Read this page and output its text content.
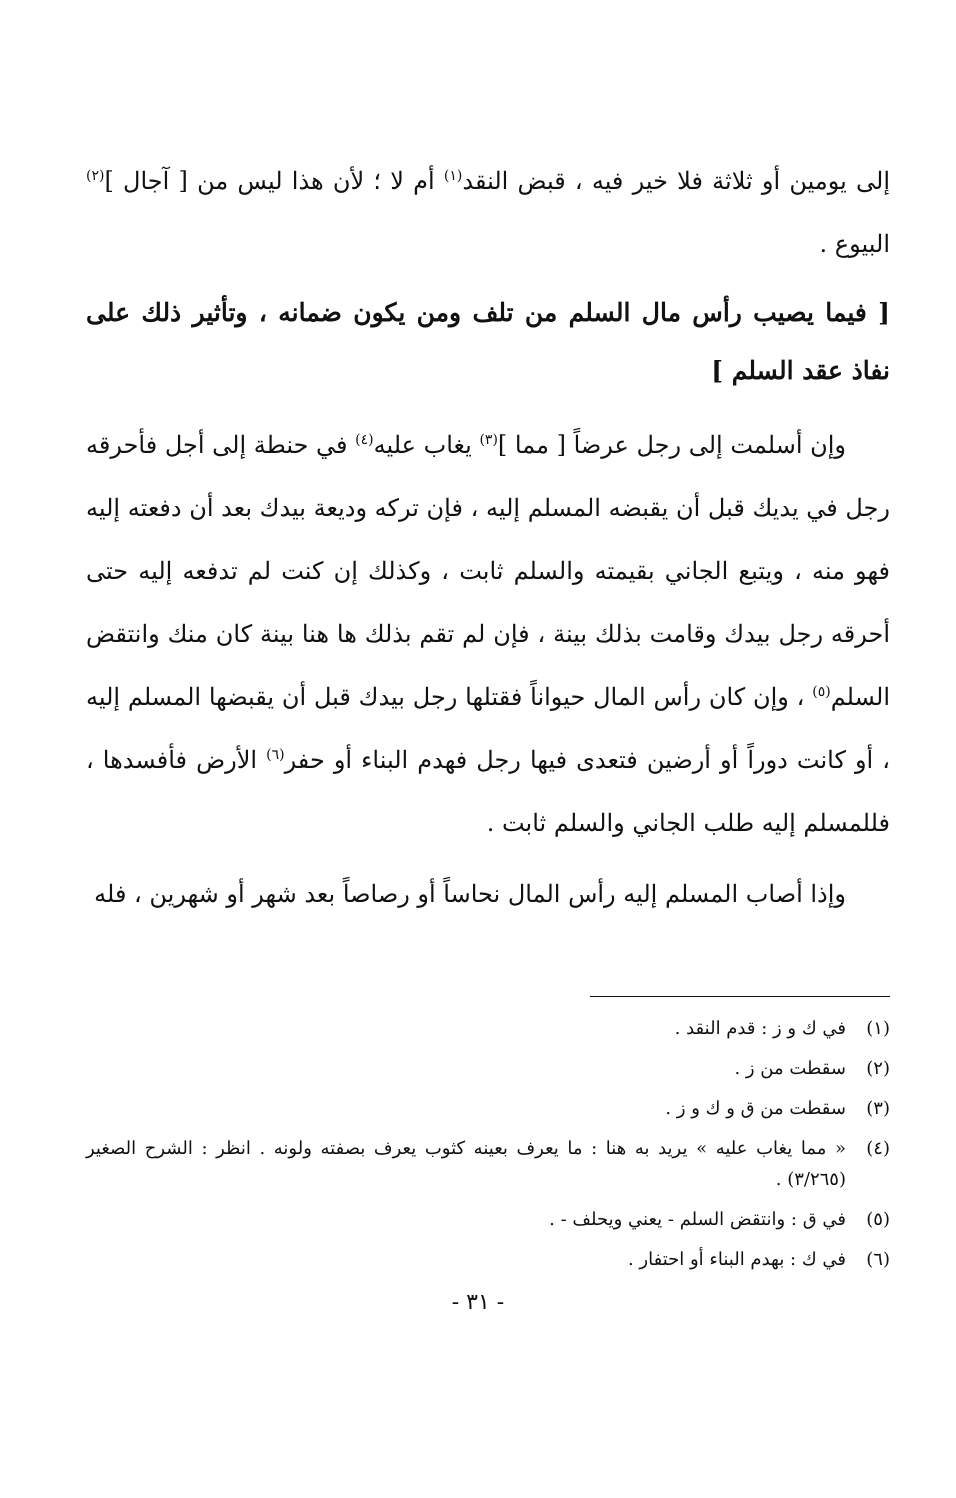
إلى يومين أو ثلاثة فلا خير فيه ، قبض النقد$^{(١)}$ أم لا ؛ لأن هذا ليس من [ آجال ]$^{(٢)}$ البيوع .

[ فيما يصيب رأس مال السلم من تلف ومن يكون ضمانه ، وتأثير ذلك على نفاذ عقد السلم ]

وإن أسلمت إلى رجل عرضاً [ مما ]$^{(٣)}$ يغاب عليه$^{(٤)}$ في حنطة إلى أجل فأحرقه رجل في يديك قبل أن يقبضه المسلم إليه ، فإن تركه وديعة بيدك بعد أن دفعته إليه فهو منه ، ويتبع الجاني بقيمته والسلم ثابت ، وكذلك إن كنت لم تدفعه إليه حتى أحرقه رجل بيدك وقامت بذلك بينة ، فإن لم تقم بذلك ها هنا بينة كان منك وانتقض السلم$^{(٥)}$ ، وإن كان رأس المال حيواناً فقتلها رجل بيدك قبل أن يقبضها المسلم إليه ، أو كانت دوراً أو أرضين فتعدى فيها رجل فهدم البناء أو حفر$^{(٦)}$ الأرض فأفسدها ، فللمسلم إليه طلب الجاني والسلم ثابت .

وإذا أصاب المسلم إليه رأس المال نحاساً أو رصاصاً بعد شهر أو شهرين ، فله

(١)
في ك و ز : قدم النقد .
(٢)
سقطت من ز .
(٣)
سقطت من ق و ك و ز .
(٤)
« مما يغاب عليه » يريد به هنا : ما يعرف بعينه كثوب يعرف بصفته ولونه . انظر : الشرح الصغير (٣/٢٦٥) .
(٥)
في ق : وانتقض السلم - يعني ويحلف - .
(٦)
في ك : بهدم البناء أو احتفار .
- ٣١ -
